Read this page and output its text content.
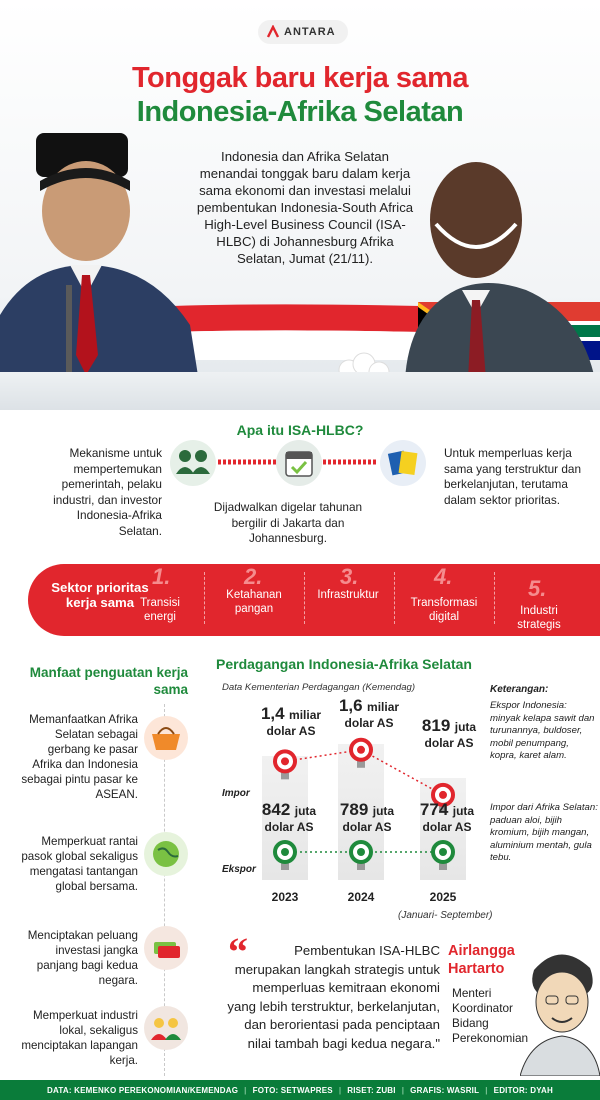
ANTARA
Tonggak baru kerja sama
Indonesia-Afrika Selatan
Indonesia dan Afrika Selatan menandai tonggak baru dalam kerja sama ekonomi dan investasi melalui pembentukan Indonesia-South Africa High-Level Business Council (ISA-HLBC) di Johannesburg Afrika Selatan, Jumat (21/11).
Apa itu ISA-HLBC?
Mekanisme untuk mempertemukan pemerintah, pelaku industri, dan investor Indonesia-Afrika Selatan.
Dijadwalkan digelar tahunan bergilir di Jakarta dan Johannesburg.
Untuk memperluas kerja sama yang terstruktur dan berkelanjutan, terutama dalam sektor prioritas.
Sektor prioritas kerja sama
1.
Transisi energi
2.
Ketahanan pangan
3.
Infrastruktur
4.
Transformasi digital
5.
Industri strategis
Manfaat penguatan kerja sama
Memanfaatkan Afrika Selatan sebagai gerbang ke pasar Afrika dan Indonesia sebagai pintu pasar ke ASEAN.
Memperkuat rantai pasok global sekaligus mengatasi tantangan global bersama.
Menciptakan peluang investasi jangka panjang bagi kedua negara.
Memperkuat industri lokal, sekaligus menciptakan lapangan kerja.
Perdagangan Indonesia-Afrika Selatan
Data Kementerian Perdagangan (Kemendag)
Impor
Ekspor
1,4 miliar
dolar AS
1,6 miliar
dolar AS	819 juta
dolar AS
842 juta
dolar AS
789 juta
dolar AS
774 juta
dolar AS
2023	2024	2025
(Januari- September)
Keterangan:
Ekspor Indonesia: minyak kelapa sawit dan turunannya, buldoser, mobil penumpang, kopra, karet alam.
Impor dari Afrika Selatan: paduan aloi, bijih kromium, bijih mangan, aluminium mentah, gula tebu.
“	Pembentukan ISA-HLBC merupakan langkah strategis untuk memperluas kemitraan ekonomi yang lebih terstruktur, berkelanjutan, dan berorientasi pada penciptaan nilai tambah bagi kedua negara."
Airlangga Hartarto
Menteri Koordinator Bidang Perekonomian
DATA: KEMENKO PEREKONOMIAN/KEMENDAG | FOTO: SETWAPRES | RISET: ZUBI | GRAFIS: WASRIL | EDITOR: DYAH
